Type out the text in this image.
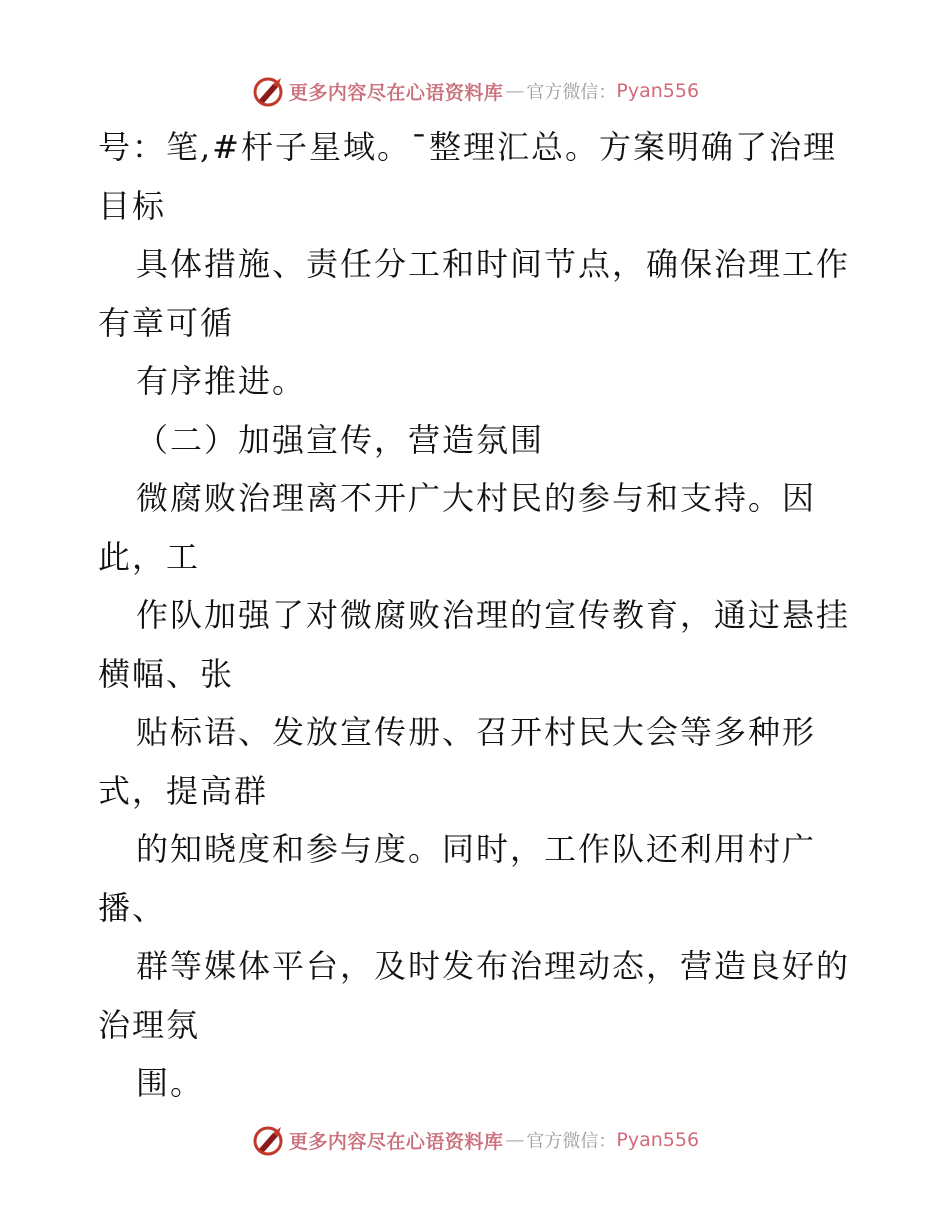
更多内容尽在心语资料库 — 官方微信： Pyan556
号：笔,#杆子星域。¯整理汇总。方案明确了治理
目标
具体措施、责任分工和时间节点，确保治理工作
有章可循
有序推进。
（二）加强宣传，营造氛围
微腐败治理离不开广大村民的参与和支持。因
此，工
作队加强了对微腐败治理的宣传教育，通过悬挂
横幅、张
贴标语、发放宣传册、召开村民大会等多种形
式，提高群
的知晓度和参与度。同时，工作队还利用村广
播、
群等媒体平台，及时发布治理动态，营造良好的
治理氛
围。
更多内容尽在心语资料库 — 官方微信： Pyan556
